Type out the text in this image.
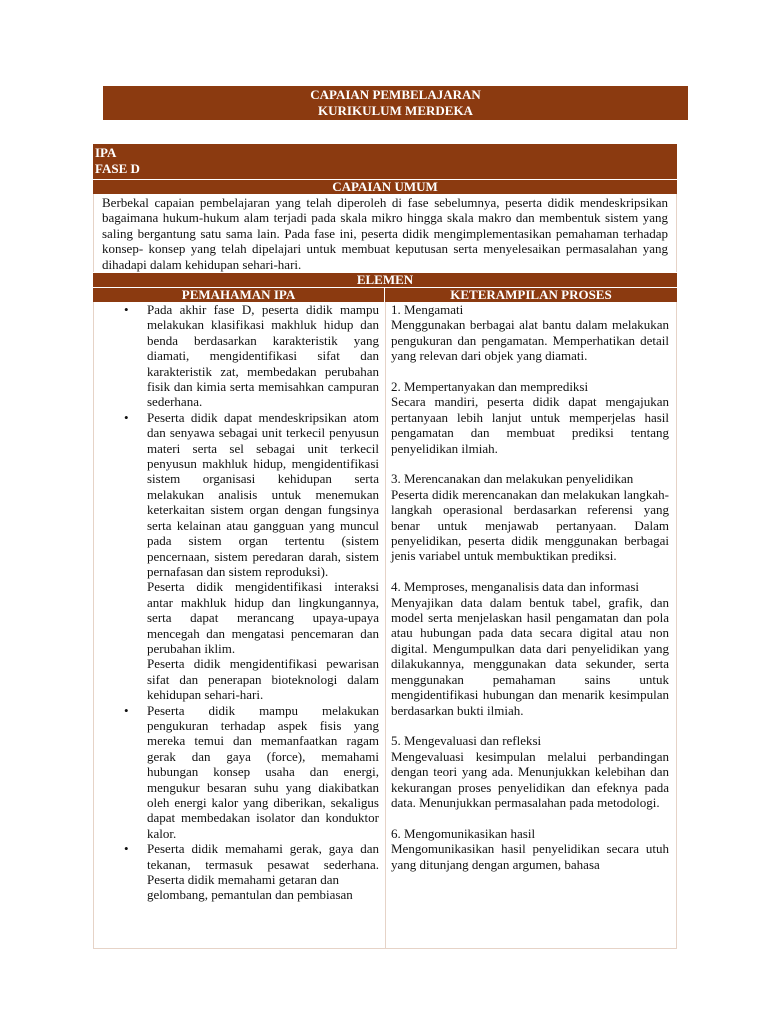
CAPAIAN PEMBELAJARAN
KURIKULUM MERDEKA
IPA
FASE D
CAPAIAN UMUM
Berbekal capaian pembelajaran yang telah diperoleh di fase sebelumnya, peserta didik mendeskripsikan bagaimana hukum-hukum alam terjadi pada skala mikro hingga skala makro dan membentuk sistem yang saling bergantung satu sama lain. Pada fase ini, peserta didik mengimplementasikan pemahaman terhadap konsep- konsep yang telah dipelajari untuk membuat keputusan serta menyelesaikan permasalahan yang dihadapi dalam kehidupan sehari-hari.
ELEMEN
PEMAHAMAN IPA	KETERAMPILAN PROSES
• Pada akhir fase D, peserta didik mampu melakukan klasifikasi makhluk hidup dan benda berdasarkan karakteristik yang diamati, mengidentifikasi sifat dan karakteristik zat, membedakan perubahan fisik dan kimia serta memisahkan campuran sederhana.
• Peserta didik dapat mendeskripsikan atom dan senyawa sebagai unit terkecil penyusun materi serta sel sebagai unit terkecil penyusun makhluk hidup, mengidentifikasi sistem organisasi kehidupan serta melakukan analisis untuk menemukan keterkaitan sistem organ dengan fungsinya serta kelainan atau gangguan yang muncul pada sistem organ tertentu (sistem pencernaan, sistem peredaran darah, sistem pernafasan dan sistem reproduksi).
Peserta didik mengidentifikasi interaksi antar makhluk hidup dan lingkungannya, serta dapat merancang upaya-upaya mencegah dan mengatasi pencemaran dan perubahan iklim.
Peserta didik mengidentifikasi pewarisan sifat dan penerapan bioteknologi dalam kehidupan sehari-hari.
• Peserta didik mampu melakukan pengukuran terhadap aspek fisis yang mereka temui dan memanfaatkan ragam gerak dan gaya (force), memahami hubungan konsep usaha dan energi, mengukur besaran suhu yang diakibatkan oleh energi kalor yang diberikan, sekaligus dapat membedakan isolator dan konduktor kalor.
• Peserta didik memahami gerak, gaya dan tekanan, termasuk pesawat sederhana. Peserta didik memahami getaran dan
gelombang, pemantulan dan pembiasan
1. Mengamati
Menggunakan berbagai alat bantu dalam melakukan pengukuran dan pengamatan. Memperhatikan detail yang relevan dari objek yang diamati.
2. Mempertanyakan dan memprediksi
Secara mandiri, peserta didik dapat mengajukan pertanyaan lebih lanjut untuk memperjelas hasil pengamatan dan membuat prediksi tentang penyelidikan ilmiah.
3. Merencanakan dan melakukan penyelidikan
Peserta didik merencanakan dan melakukan langkah- langkah operasional berdasarkan referensi yang benar untuk menjawab pertanyaan. Dalam penyelidikan, peserta didik menggunakan berbagai jenis variabel untuk membuktikan prediksi.
4. Memproses, menganalisis data dan informasi
Menyajikan data dalam bentuk tabel, grafik, dan model serta menjelaskan hasil pengamatan dan pola atau hubungan pada data secara digital atau non digital. Mengumpulkan data dari penyelidikan yang dilakukannya, menggunakan data sekunder, serta menggunakan pemahaman sains untuk mengidentifikasi hubungan dan menarik kesimpulan berdasarkan bukti ilmiah.
5. Mengevaluasi dan refleksi
Mengevaluasi kesimpulan melalui perbandingan dengan teori yang ada. Menunjukkan kelebihan dan kekurangan proses penyelidikan dan efeknya pada data. Menunjukkan permasalahan pada metodologi.
6. Mengomunikasikan hasil
Mengomunikasikan hasil penyelidikan secara utuh yang ditunjang dengan argumen, bahasa
